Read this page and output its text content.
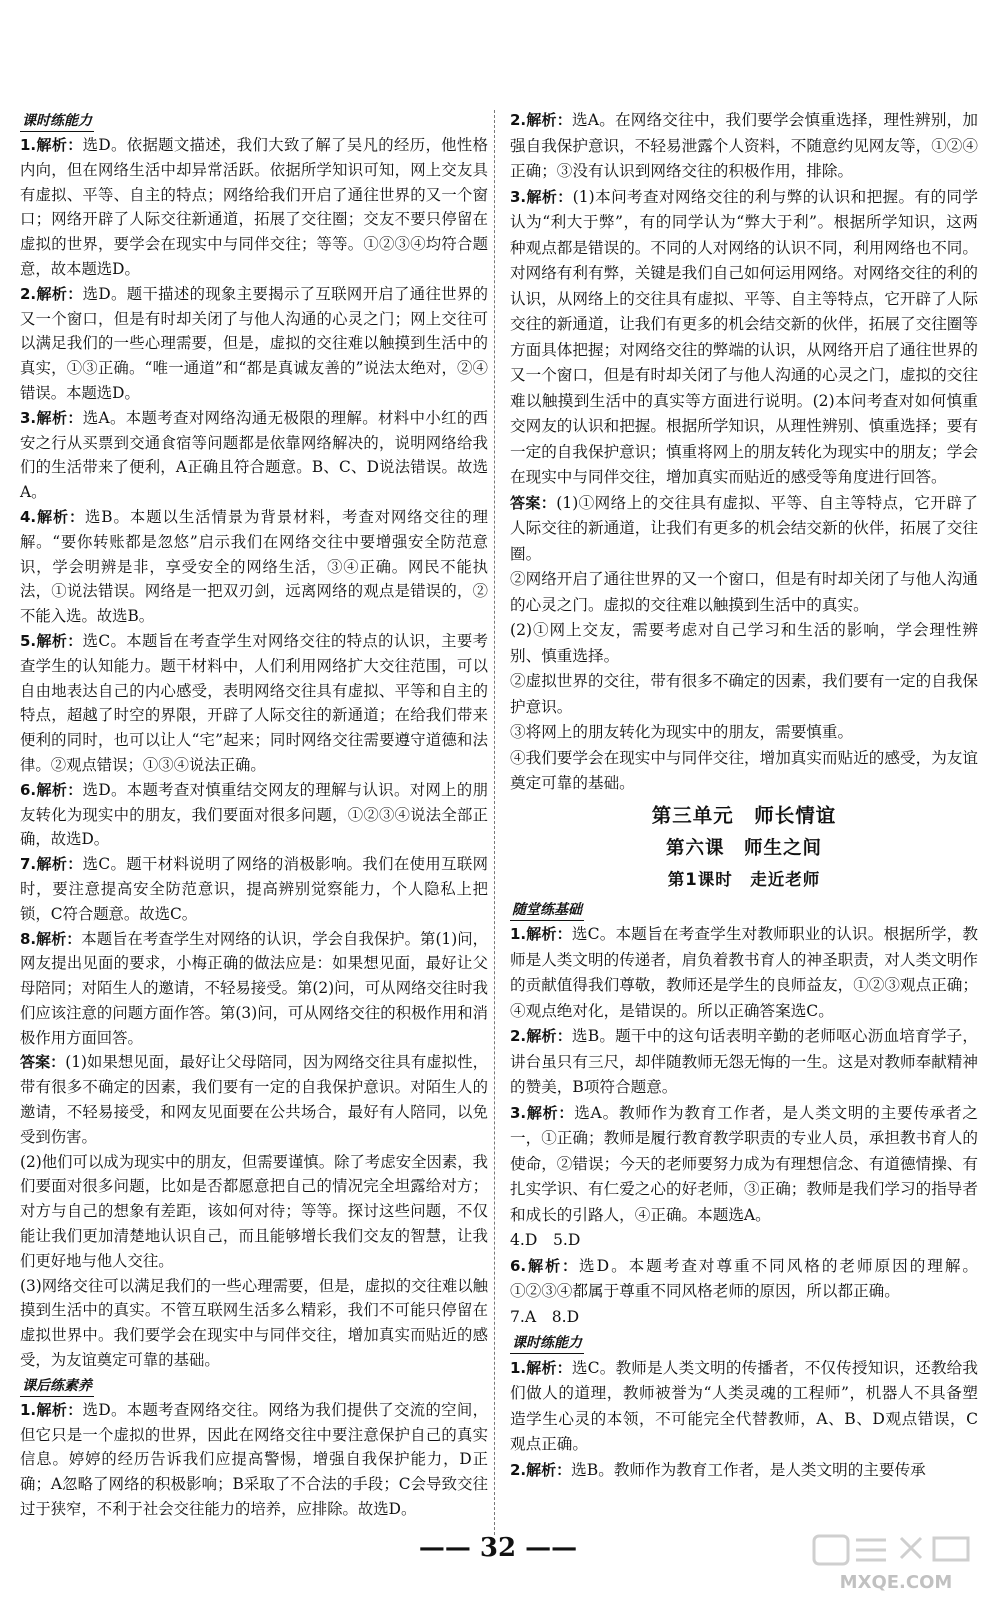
课时练能力
1.解析：选D。依据题文描述，我们大致了解了吴凡的经历，他性格内向，但在网络生活中却异常活跃。依据所学知识可知，网上交友具有虚拟、平等、自主的特点；网络给我们开启了通往世界的又一个窗口；网络开辟了人际交往新通道，拓展了交往圈；交友不要只停留在虚拟的世界，要学会在现实中与同伴交往；等等。①②③④均符合题意，故本题选D。
2.解析：选D。题干描述的现象主要揭示了互联网开启了通往世界的又一个窗口，但是有时却关闭了与他人沟通的心灵之门；网上交往可以满足我们的一些心理需要，但是，虚拟的交往难以触摸到生活中的真实，①③正确。“唯一通道”和“都是真诚友善的”说法太绝对，②④错误。本题选D。
3.解析：选A。本题考查对网络沟通无极限的理解。材料中小红的西安之行从买票到交通食宿等问题都是依靠网络解决的，说明网络给我们的生活带来了便利，A正确且符合题意。B、C、D说法错误。故选A。
4.解析：选B。本题以生活情景为背景材料，考查对网络交往的理解。“要你转账都是忽悠”启示我们在网络交往中要增强安全防范意识，学会明辨是非，享受安全的网络生活，③④正确。网民不能执法，①说法错误。网络是一把双刃剑，远离网络的观点是错误的，②不能入选。故选B。
5.解析：选C。本题旨在考查学生对网络交往的特点的认识，主要考查学生的认知能力。题干材料中，人们利用网络扩大交往范围，可以自由地表达自己的内心感受，表明网络交往具有虚拟、平等和自主的特点，超越了时空的界限，开辟了人际交往的新通道；在给我们带来便利的同时，也可以让人“宅”起来；同时网络交往需要遵守道德和法律。②观点错误；①③④说法正确。
6.解析：选D。本题考查对慎重结交网友的理解与认识。对网上的朋友转化为现实中的朋友，我们要面对很多问题，①②③④说法全部正确，故选D。
7.解析：选C。题干材料说明了网络的消极影响。我们在使用互联网时，要注意提高安全防范意识，提高辨别觉察能力，个人隐私上把锁，C符合题意。故选C。
8.解析：本题旨在考查学生对网络的认识，学会自我保护。第(1)问，网友提出见面的要求，小梅正确的做法应是：如果想见面，最好让父母陪同；对陌生人的邀请，不轻易接受。第(2)问，可从网络交往时我们应该注意的问题方面作答。第(3)问，可从网络交往的积极作用和消极作用方面回答。
答案：(1)如果想见面，最好让父母陪同，因为网络交往具有虚拟性，带有很多不确定的因素，我们要有一定的自我保护意识。对陌生人的邀请，不轻易接受，和网友见面要在公共场合，最好有人陪同，以免受到伤害。
(2)他们可以成为现实中的朋友，但需要谨慎。除了考虑安全因素，我们要面对很多问题，比如是否都愿意把自己的情况完全坦露给对方；对方与自己的想象有差距，该如何对待；等等。探讨这些问题，不仅能让我们更加清楚地认识自己，而且能够增长我们交友的智慧，让我们更好地与他人交往。
(3)网络交往可以满足我们的一些心理需要，但是，虚拟的交往难以触摸到生活中的真实。不管互联网生活多么精彩，我们不可能只停留在虚拟世界中。我们要学会在现实中与同伴交往，增加真实而贴近的感受，为友谊奠定可靠的基础。
课后练素养
1.解析：选D。本题考查网络交往。网络为我们提供了交流的空间，但它只是一个虚拟的世界，因此在网络交往中要注意保护自己的真实信息。婷婷的经历告诉我们应提高警惕，增强自我保护能力，D正确；A忽略了网络的积极影响；B采取了不合法的手段；C会导致交往过于狭窄，不利于社会交往能力的培养，应排除。故选D。
2.解析：选A。在网络交往中，我们要学会慎重选择，理性辨别，加强自我保护意识，不轻易泄露个人资料，不随意约见网友等，①②④正确；③没有认识到网络交往的积极作用，排除。
3.解析：(1)本问考查对网络交往的利与弊的认识和把握。有的同学认为“利大于弊”，有的同学认为“弊大于利”。根据所学知识，这两种观点都是错误的。不同的人对网络的认识不同，利用网络也不同。对网络有利有弊，关键是我们自己如何运用网络。对网络交往的利的认识，从网络上的交往具有虚拟、平等、自主等特点，它开辟了人际交往的新通道，让我们有更多的机会结交新的伙伴，拓展了交往圈等方面具体把握；对网络交往的弊端的认识，从网络开启了通往世界的又一个窗口，但是有时却关闭了与他人沟通的心灵之门，虚拟的交往难以触摸到生活中的真实等方面进行说明。(2)本问考查对如何慎重交网友的认识和把握。根据所学知识，从理性辨别、慎重选择；要有一定的自我保护意识；慎重将网上的朋友转化为现实中的朋友；学会在现实中与同伴交往，增加真实而贴近的感受等角度进行回答。
答案：(1)①网络上的交往具有虚拟、平等、自主等特点，它开辟了人际交往的新通道，让我们有更多的机会结交新的伙伴，拓展了交往圈。
②网络开启了通往世界的又一个窗口，但是有时却关闭了与他人沟通的心灵之门。虚拟的交往难以触摸到生活中的真实。
(2)①网上交友，需要考虑对自己学习和生活的影响，学会理性辨别、慎重选择。
②虚拟世界的交往，带有很多不确定的因素，我们要有一定的自我保护意识。
③将网上的朋友转化为现实中的朋友，需要慎重。
④我们要学会在现实中与同伴交往，增加真实而贴近的感受，为友谊奠定可靠的基础。
第三单元　师长情谊
第六课　师生之间
第1课时　走近老师
随堂练基础
1.解析：选C。本题旨在考查学生对教师职业的认识。根据所学，教师是人类文明的传递者，肩负着教书育人的神圣职责，对人类文明作的贡献值得我们尊敬，教师还是学生的良师益友，①②③观点正确；④观点绝对化，是错误的。所以正确答案选C。
2.解析：选B。题干中的这句话表明辛勤的老师呕心沥血培育学子，讲台虽只有三尺，却伴随教师无怨无悔的一生。这是对教师奉献精神的赞美，B项符合题意。
3.解析：选A。教师作为教育工作者，是人类文明的主要传承者之一，①正确；教师是履行教育教学职责的专业人员，承担教书育人的使命，②错误；今天的老师要努力成为有理想信念、有道德情操、有扎实学识、有仁爱之心的好老师，③正确；教师是我们学习的指导者和成长的引路人，④正确。本题选A。
4.D　5.D
6.解析：选D。本题考查对尊重不同风格的老师原因的理解。①②③④都属于尊重不同风格老师的原因，所以都正确。
7.A　8.D
课时练能力
1.解析：选C。教师是人类文明的传播者，不仅传授知识，还教给我们做人的道理，教师被誉为“人类灵魂的工程师”，机器人不具备塑造学生心灵的本领，不可能完全代替教师，A、B、D观点错误，C观点正确。
2.解析：选B。教师作为教育工作者，是人类文明的主要传承
—— 32 ——
MXQE.COM
